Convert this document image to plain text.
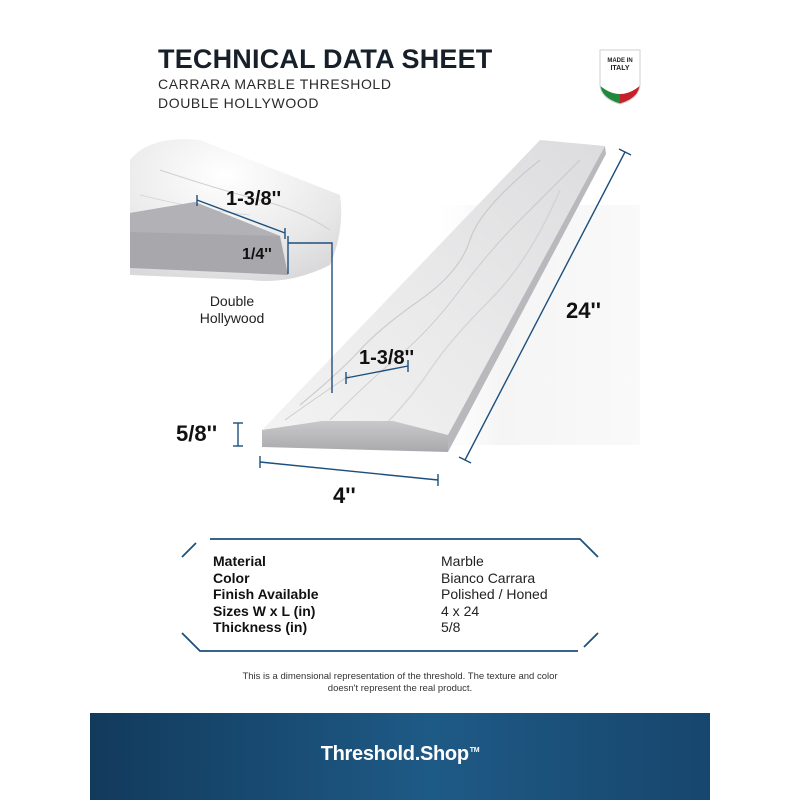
TECHNICAL DATA SHEET
CARRARA MARBLE THRESHOLD
DOUBLE HOLLYWOOD
MADE IN
ITALY
1-3/8''
1/4''
Double
Hollywood
1-3/8''
24''
5/8''
4''
Material	Marble
Color	Bianco Carrara
Finish Available	Polished / Honed
Sizes W x L (in)	4 x 24
Thickness (in)	5/8
This is a dimensional representation of the threshold. The texture and color
doesn't represent the real product.
Threshold.Shop™
